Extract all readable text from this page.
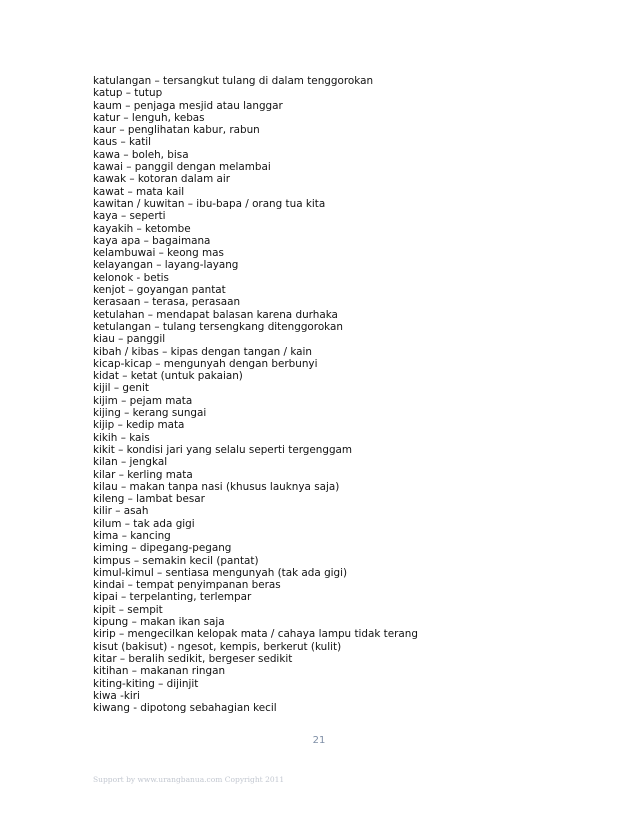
katulangan – tersangkut tulang di dalam tenggorokan
katup – tutup
kaum – penjaga mesjid atau langgar
katur – lenguh, kebas
kaur – penglihatan kabur, rabun
kaus – katil
kawa – boleh, bisa
kawai – panggil dengan melambai
kawak – kotoran dalam air
kawat – mata kail
kawitan / kuwitan – ibu-bapa / orang tua kita
kaya – seperti
kayakih – ketombe
kaya apa – bagaimana
kelambuwai – keong mas
kelayangan – layang-layang
kelonok - betis
kenjot – goyangan pantat
kerasaan – terasa, perasaan
ketulahan – mendapat balasan karena durhaka
ketulangan – tulang tersengkang ditenggorokan
kiau – panggil
kibah / kibas – kipas dengan tangan / kain
kicap-kicap – mengunyah dengan berbunyi
kidat – ketat (untuk pakaian)
kijil – genit
kijim – pejam mata
kijing – kerang sungai
kijip – kedip mata
kikih – kais
kikit – kondisi jari yang selalu seperti tergenggam
kilan – jengkal
kilar – kerling mata
kilau – makan tanpa nasi (khusus lauknya saja)
kileng – lambat besar
kilir – asah
kilum – tak ada gigi
kima – kancing
kiming – dipegang-pegang
kimpus – semakin kecil (pantat)
kimul-kimul – sentiasa mengunyah (tak ada gigi)
kindai – tempat penyimpanan beras
kipai – terpelanting, terlempar
kipit – sempit
kipung – makan ikan saja
kirip – mengecilkan kelopak mata / cahaya lampu tidak terang
kisut (bakisut) - ngesot, kempis, berkerut (kulit)
kitar – beralih sedikit, bergeser sedikit
kitihan – makanan ringan
kiting-kiting – dijinjit
kiwa -kiri
kiwang - dipotong sebahagian kecil
21
Support by www.urangbanua.com Copyright 2011
